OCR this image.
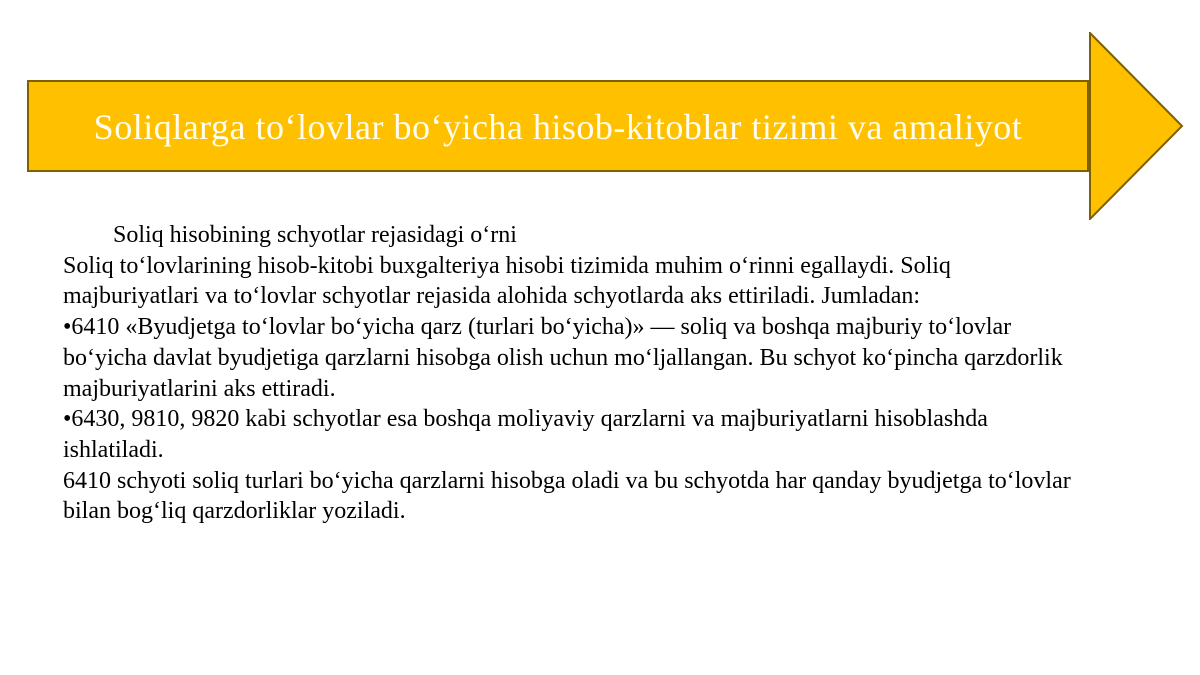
Soliqlarga toʻlovlar boʻyicha hisob-kitoblar tizimi va amaliyot
Soliq hisobining schyotlar rejasidagi oʻrni
Soliq toʻlovlarining hisob-kitobi buxgalteriya hisobi tizimida muhim oʻrinni egallaydi. Soliq
majburiyatlari va toʻlovlar schyotlar rejasida alohida schyotlarda aks ettiriladi. Jumladan:
•6410 «Byudjetga toʻlovlar boʻyicha qarz (turlari boʻyicha)» — soliq va boshqa majburiy toʻlovlar
boʻyicha davlat byudjetiga qarzlarni hisobga olish uchun moʻljallangan. Bu schyot koʻpincha qarzdorlik
majburiyatlarini aks ettiradi.
•6430, 9810, 9820 kabi schyotlar esa boshqa moliyaviy qarzlarni va majburiyatlarni hisoblashda
ishlatiladi.
6410 schyoti soliq turlari boʻyicha qarzlarni hisobga oladi va bu schyotda har qanday byudjetga toʻlovlar
bilan bogʻliq qarzdorliklar yoziladi.
